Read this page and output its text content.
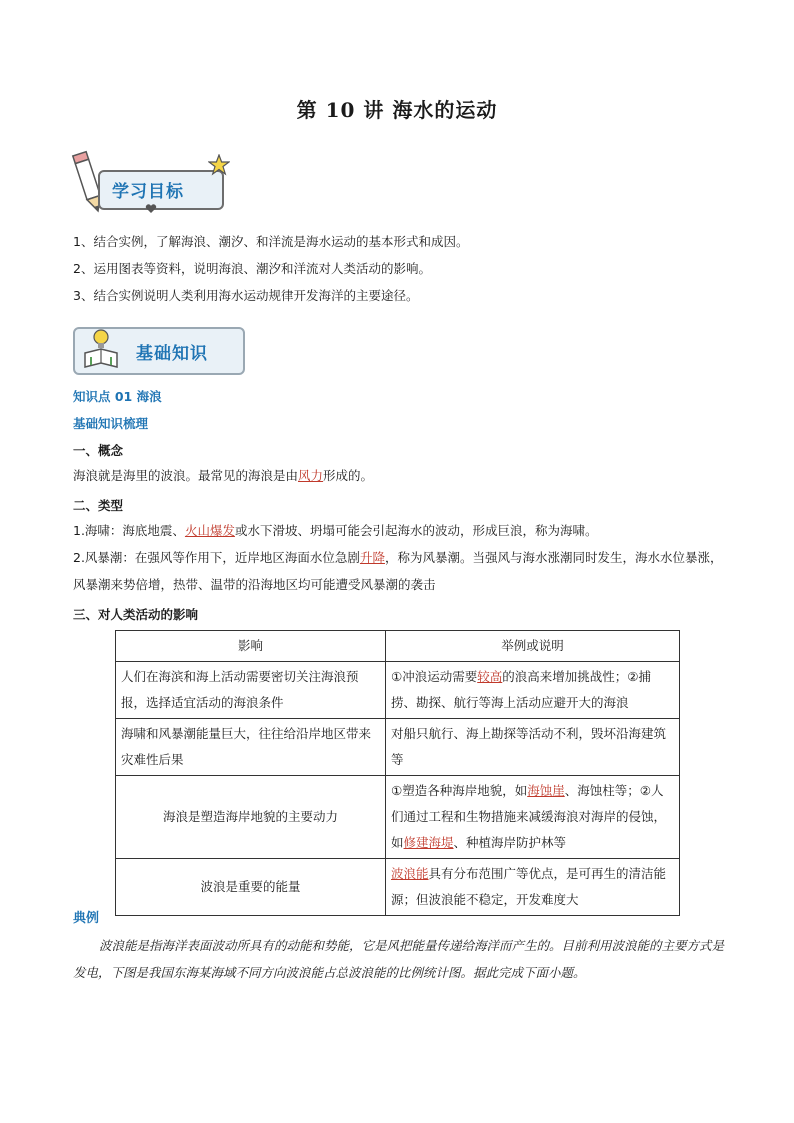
第 10 讲 海水的运动
学习目标
1、结合实例，了解海浪、潮汐、和洋流是海水运动的基本形式和成因。
2、运用图表等资料，说明海浪、潮汐和洋流对人类活动的影响。
3、结合实例说明人类利用海水运动规律开发海洋的主要途径。
基础知识
知识点 01 海浪
基础知识梳理
一、概念
海浪就是海里的波浪。最常见的海浪是由风力形成的。
二、类型
1.海啸：海底地震、火山爆发或水下滑坡、坍塌可能会引起海水的波动，形成巨浪，称为海啸。
2.风暴潮：在强风等作用下，近岸地区海面水位急剧升降，称为风暴潮。当强风与海水涨潮同时发生，海水水位暴涨，风暴潮来势倍增，热带、温带的沿海地区均可能遭受风暴潮的袭击
三、对人类活动的影响
影响	举例或说明
人们在海滨和海上活动需要密切关注海浪预报，选择适宜活动的海浪条件	①冲浪运动需要较高的浪高来增加挑战性；②捕捞、勘探、航行等海上活动应避开大的海浪
海啸和风暴潮能量巨大，往往给沿岸地区带来灾难性后果	对船只航行、海上勘探等活动不利，毁坏沿海建筑等
海浪是塑造海岸地貌的主要动力	①塑造各种海岸地貌，如海蚀崖、海蚀柱等；②人们通过工程和生物措施来减缓海浪对海岸的侵蚀，如修建海堤、种植海岸防护林等
波浪是重要的能量	波浪能具有分布范围广等优点，是可再生的清洁能源；但波浪能不稳定，开发难度大
典例
波浪能是指海洋表面波动所具有的动能和势能，它是风把能量传递给海洋而产生的。目前利用波浪能的主要方式是发电，下图是我国东海某海域不同方向波浪能占总波浪能的比例统计图。据此完成下面小题。
